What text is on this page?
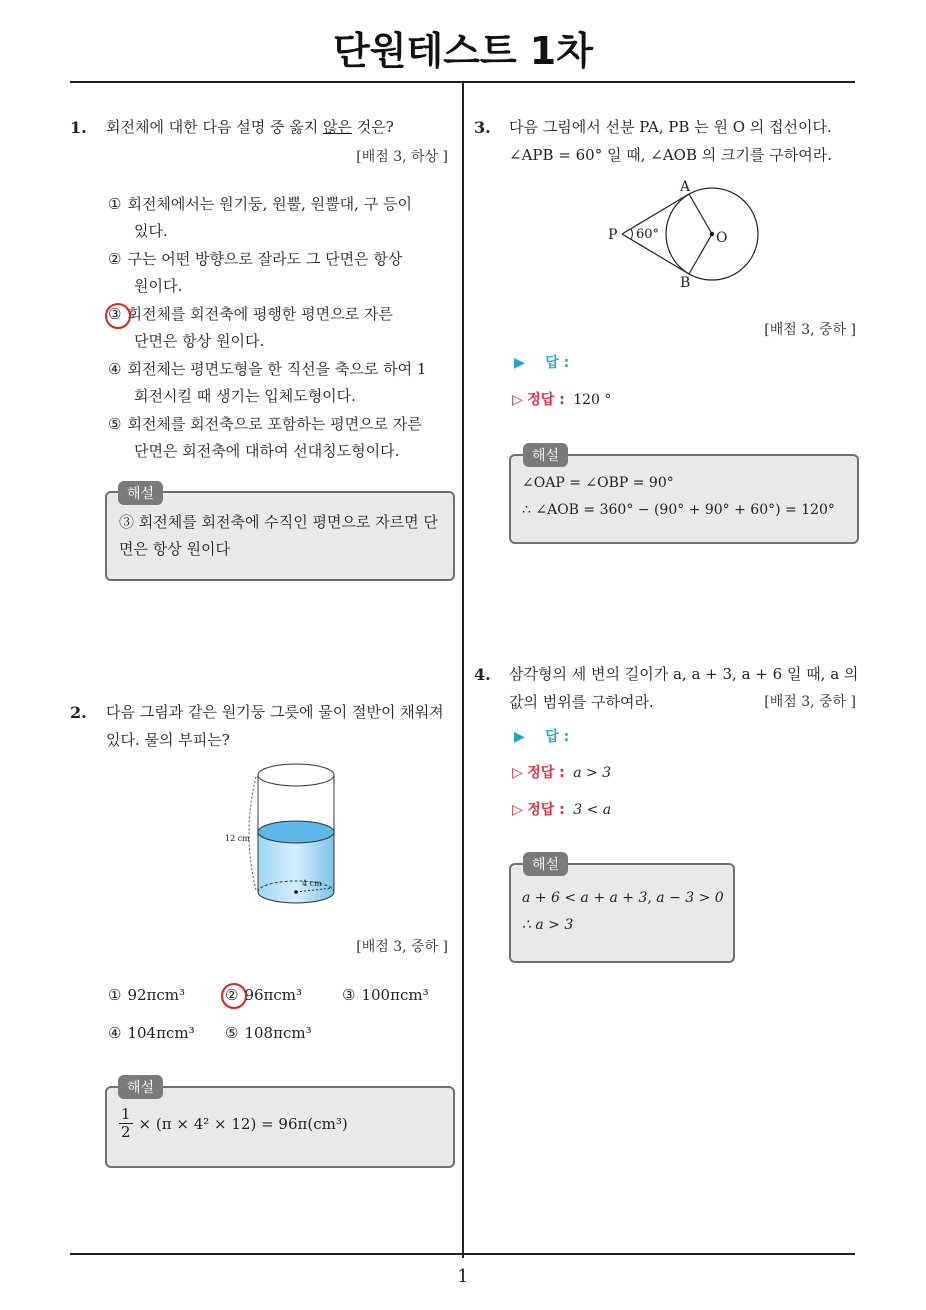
단원테스트 1차
1
1. 회전체에 대한 다음 설명 중 옳지 않은 것은?
[배점 3, 하상 ]
① 회전체에서는 원기둥, 원뿔, 원뿔대, 구 등이
있다.
② 구는 어떤 방향으로 잘라도 그 단면은 항상
원이다.
③ 회전체를 회전축에 평행한 평면으로 자른
단면은 항상 원이다.
④ 회전체는 평면도형을 한 직선을 축으로 하여 1
회전시킬 때 생기는 입체도형이다.
⑤ 회전체를 회전축으로 포함하는 평면으로 자른
단면은 회전축에 대하여 선대칭도형이다.
해설
③ 회전체를 회전축에 수직인 평면으로 자르면 단
면은 항상 원이다
2. 다음 그림과 같은 원기둥 그릇에 물이 절반이 채워져
있다. 물의 부피는?
12 cm
4 cm
[배점 3, 중하 ]
① 92πcm³	② 96πcm³	③ 100πcm³
④ 104πcm³ ⑤ 108πcm³
해설
$\frac{1}{2} \times (\pi \times 4^2 \times 12) = 96\pi(cm^3)$
3. 다음 그림에서 선분 PA, PB 는 원 O 의 접선이다.
∠APB = 60° 일 때, ∠AOB 의 크기를 구하여라.
A
B
P	O
60°
[배점 3, 중하 ]
▶ 답 :
▷ 정답 : 120 °
해설
∠OAP = ∠OBP = 90°
∴ ∠AOB = 360° − (90° + 90° + 60°) = 120°
4. 삼각형의 세 변의 길이가 a, a + 3, a + 6 일 때, a 의
값의 범위를 구하여라.	[배점 3, 중하 ]
▶ 답 :
▷ 정답 : a > 3
▷ 정답 : 3 < a
해설
a + 6 < a + a + 3, a − 3 > 0
∴ a > 3
